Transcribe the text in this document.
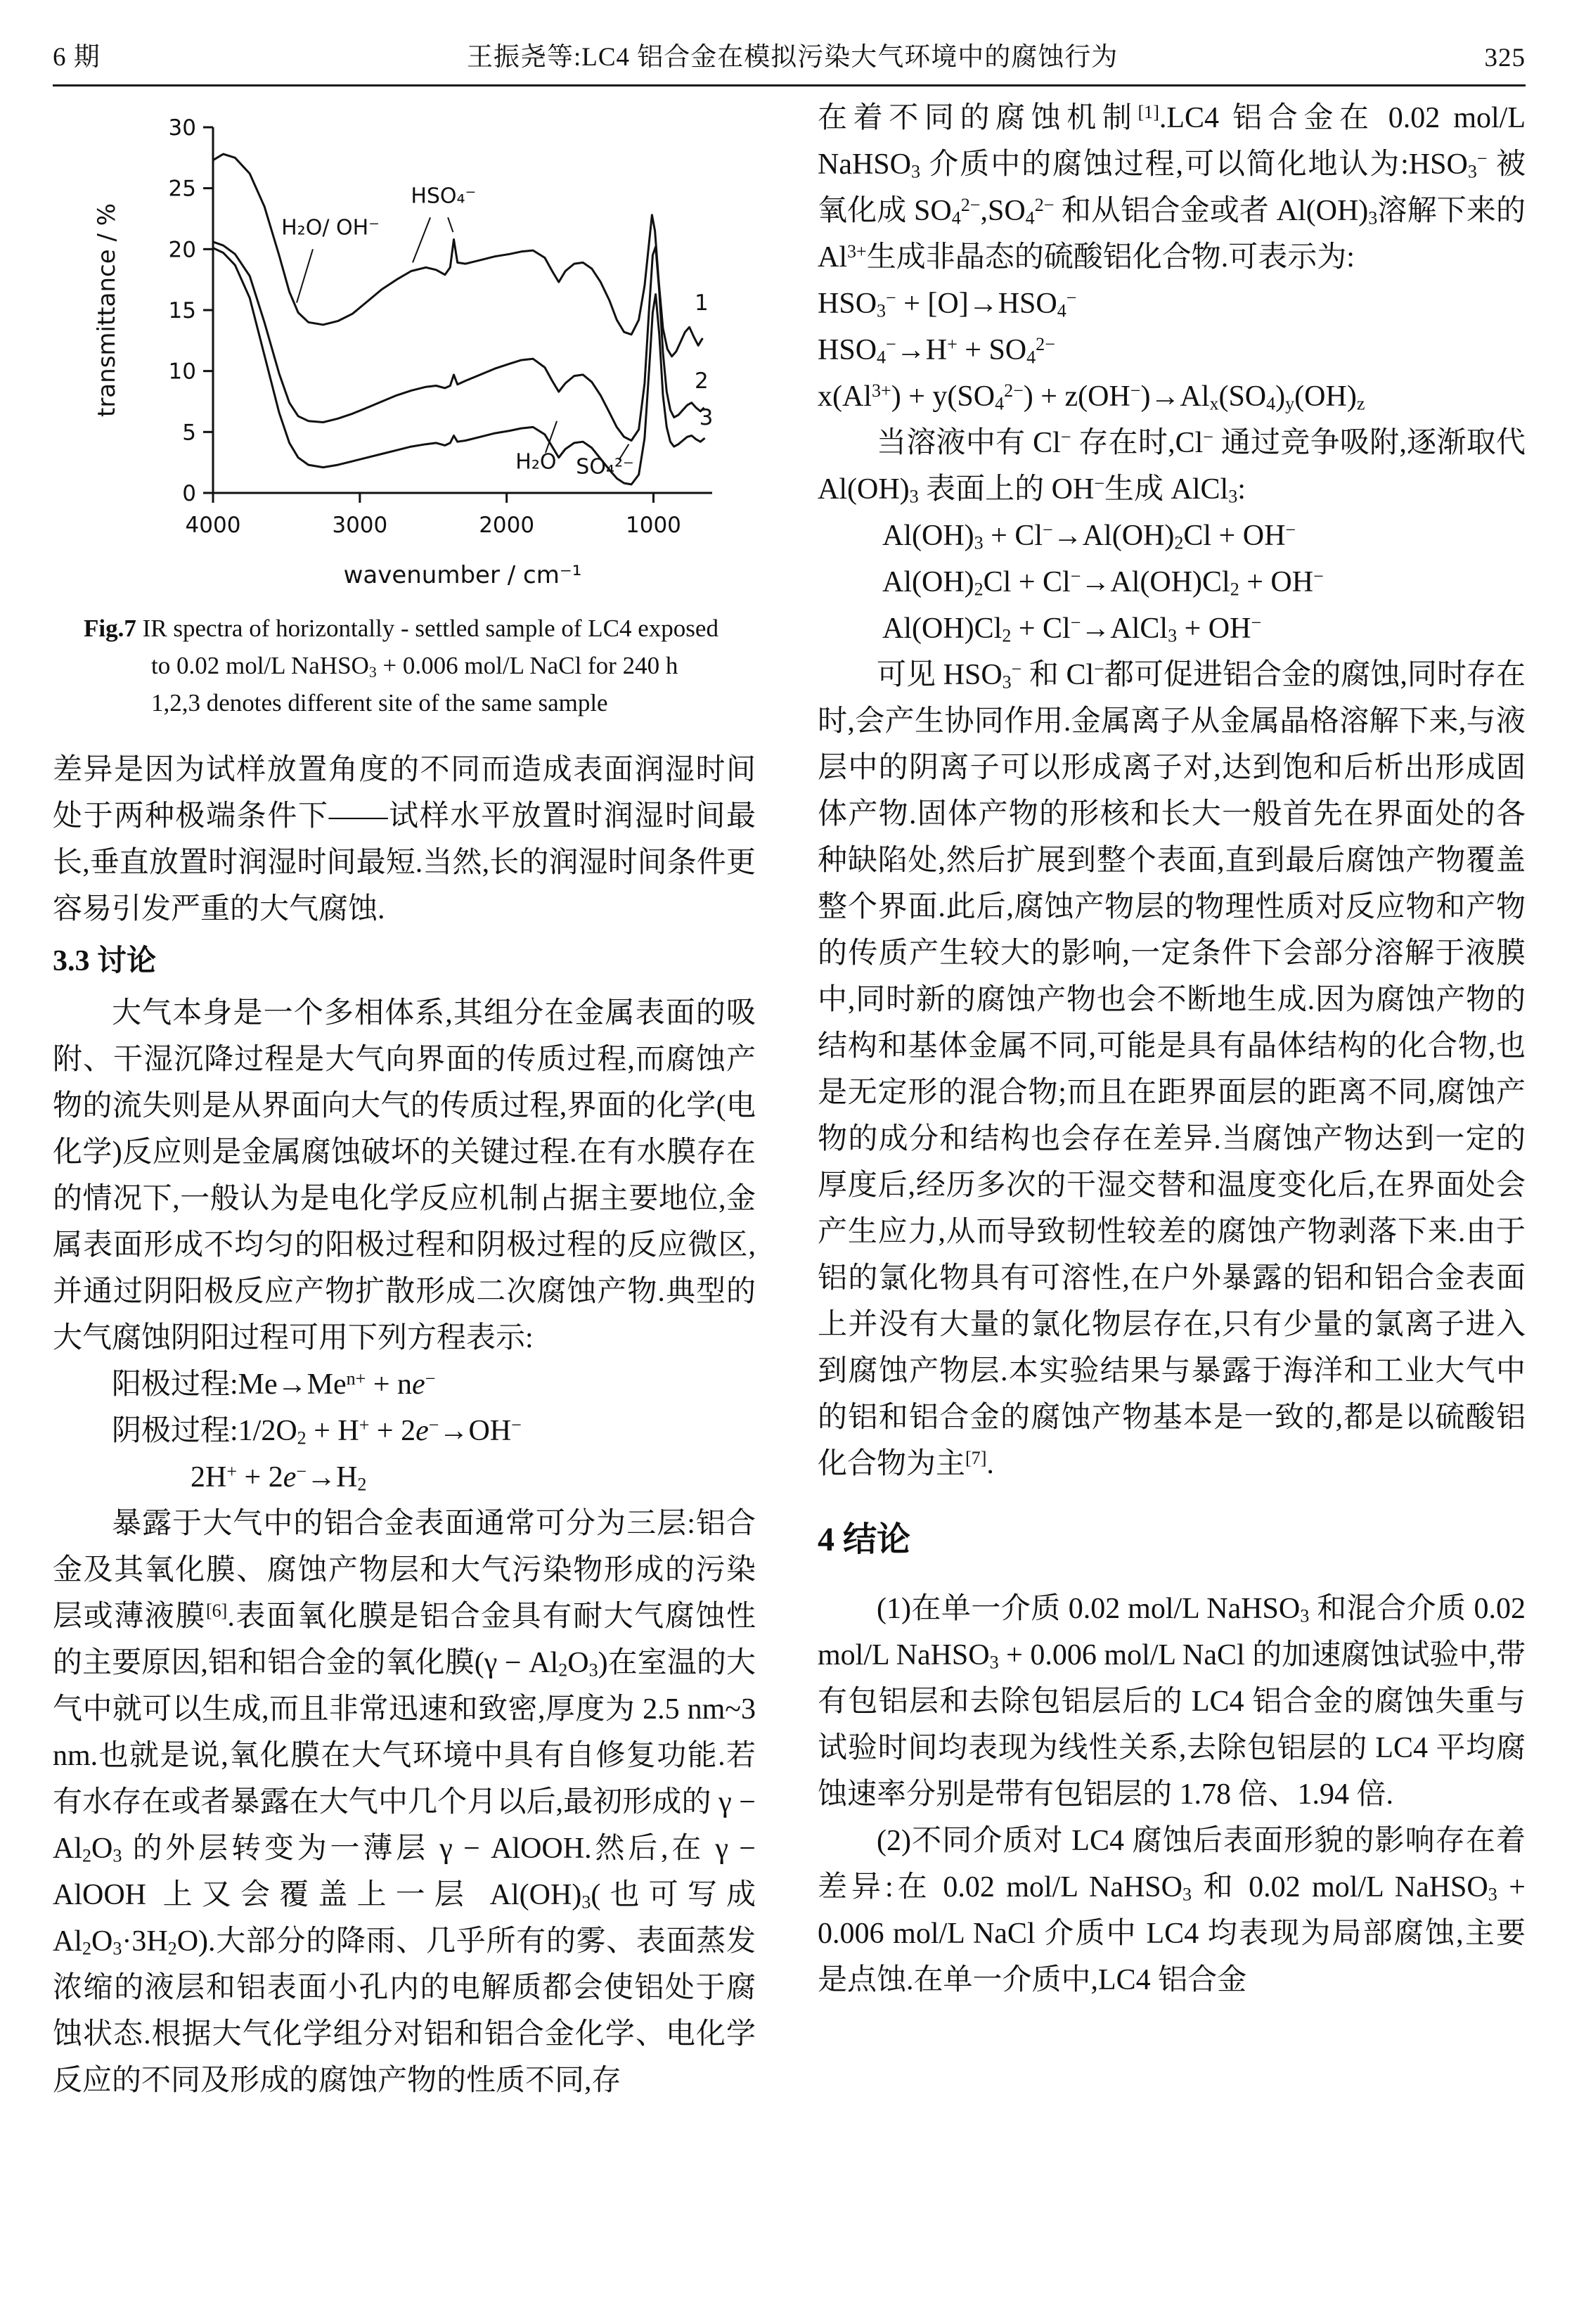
6 期	王振尧等:LC4 铝合金在模拟污染大气环境中的腐蚀行为	325
0
5
10
15
20
25
30
4000	3000	2000	1000
transmittance / %
wavenumber / cm⁻¹
1
2
3
H₂O/ OH⁻
HSO₄⁻
H₂O SO₄²⁻
Fig.7 IR spectra of horizontally - settled sample of LC4 exposed
to 0.02 mol/L NaHSO$_3$ + 0.006 mol/L NaCl for 240 h
1,2,3 denotes different site of the same sample

差异是因为试样放置角度的不同而造成表面润湿时间处于两种极端条件下——试样水平放置时润湿时间最长,垂直放置时润湿时间最短.当然,长的润湿时间条件更容易引发严重的大气腐蚀.

3.3 讨论

大气本身是一个多相体系,其组分在金属表面的吸附、干湿沉降过程是大气向界面的传质过程,而腐蚀产物的流失则是从界面向大气的传质过程,界面的化学(电化学)反应则是金属腐蚀破坏的关键过程.在有水膜存在的情况下,一般认为是电化学反应机制占据主要地位,金属表面形成不均匀的阳极过程和阴极过程的反应微区,并通过阴阳极反应产物扩散形成二次腐蚀产物.典型的大气腐蚀阴阳过程可用下列方程表示:

阳极过程$:Me\to Me^{n+} + ne^-$

阴极过程$:1/2O_2 + H^+ + 2e^-\to OH^-$

$2H^+ + 2e^-\to H_2$

暴露于大气中的铝合金表面通常可分为三层:铝合金及其氧化膜、腐蚀产物层和大气污染物形成的污染层或薄液膜[6].表面氧化膜是铝合金具有耐大气腐蚀性的主要原因,铝和铝合金的氧化膜$(\gamma - Al_2O_3)$在室温的大气中就可以生成,而且非常迅速和致密,厚度为 2.5 nm~3 nm.也就是说,氧化膜在大气环境中具有自修复功能.若有水存在或者暴露在大气中几个月以后,最初形成的 $\gamma - Al_2O_3$ 的外层转变为一薄层 γ − AlOOH.然后,在 γ − AlOOH 上又会覆盖上一层 $Al(OH)_3$(也可写成 $Al_2O_3\cdot 3H_2O$).大部分的降雨、几乎所有的雾、表面蒸发浓缩的液层和铝表面小孔内的电解质都会使铝处于腐蚀状态.根据大气化学组分对铝和铝合金化学、电化学反应的不同及形成的腐蚀产物的性质不同,存

在着不同的腐蚀机制[1].LC4 铝合金在 0.02 mol/L NaHSO$_3$ 介质中的腐蚀过程,可以简化地认为$:HSO_3^-$ 被氧化成 $SO_4^{2-},SO_4^{2-}$ 和从铝合金或者 $Al(OH)_3$溶解下来的 $Al^{3+}$生成非晶态的硫酸铝化合物.可表示为:

$HSO_3^- + [O]\to HSO_4^-$

$HSO_4^-\to H^+ + SO_4^{2-}$

$x(Al^{3+}) + y(SO_4^{2-}) + z(OH^-)\to Al_x(SO_4)_y(OH)_z$

当溶液中有 Cl− 存在时,Cl− 通过竞争吸附,逐渐取代 $Al(OH)_3$ 表面上的 OH−生成 AlCl$_3$:

$Al(OH)_3 + Cl^-\to Al(OH)_2Cl + OH^-$

$Al(OH)_2Cl + Cl^-\to Al(OH)Cl_2 + OH^-$

$Al(OH)Cl_2$ + Cl−→AlCl$_3$ + OH−

可见 $HSO_3^-$ 和 Cl−都可促进铝合金的腐蚀,同时存在时,会产生协同作用.金属离子从金属晶格溶解下来,与液层中的阴离子可以形成离子对,达到饱和后析出形成固体产物.固体产物的形核和长大一般首先在界面处的各种缺陷处,然后扩展到整个表面,直到最后腐蚀产物覆盖整个界面.此后,腐蚀产物层的物理性质对反应物和产物的传质产生较大的影响,一定条件下会部分溶解于液膜中,同时新的腐蚀产物也会不断地生成.因为腐蚀产物的结构和基体金属不同,可能是具有晶体结构的化合物,也是无定形的混合物;而且在距界面层的距离不同,腐蚀产物的成分和结构也会存在差异.当腐蚀产物达到一定的厚度后,经历多次的干湿交替和温度变化后,在界面处会产生应力,从而导致韧性较差的腐蚀产物剥落下来.由于铝的氯化物具有可溶性,在户外暴露的铝和铝合金表面上并没有大量的氯化物层存在,只有少量的氯离子进入到腐蚀产物层.本实验结果与暴露于海洋和工业大气中的铝和铝合金的腐蚀产物基本是一致的,都是以硫酸铝化合物为主[7].

4 结论

(1)在单一介质 0.02 mol/L NaHSO$_3$ 和混合介质 0.02 mol/L NaHSO$_3$ + 0.006 mol/L NaCl 的加速腐蚀试验中,带有包铝层和去除包铝层后的 LC4 铝合金的腐蚀失重与试验时间均表现为线性关系,去除包铝层的 LC4 平均腐蚀速率分别是带有包铝层的 1.78 倍、1.94 倍.

(2)不同介质对 LC4 腐蚀后表面形貌的影响存在着差异:在 0.02 mol/L NaHSO$_3$ 和 0.02 mol/L NaHSO$_3$ + 0.006 mol/L NaCl 介质中 LC4 均表现为局部腐蚀,主要是点蚀.在单一介质中,LC4 铝合金
